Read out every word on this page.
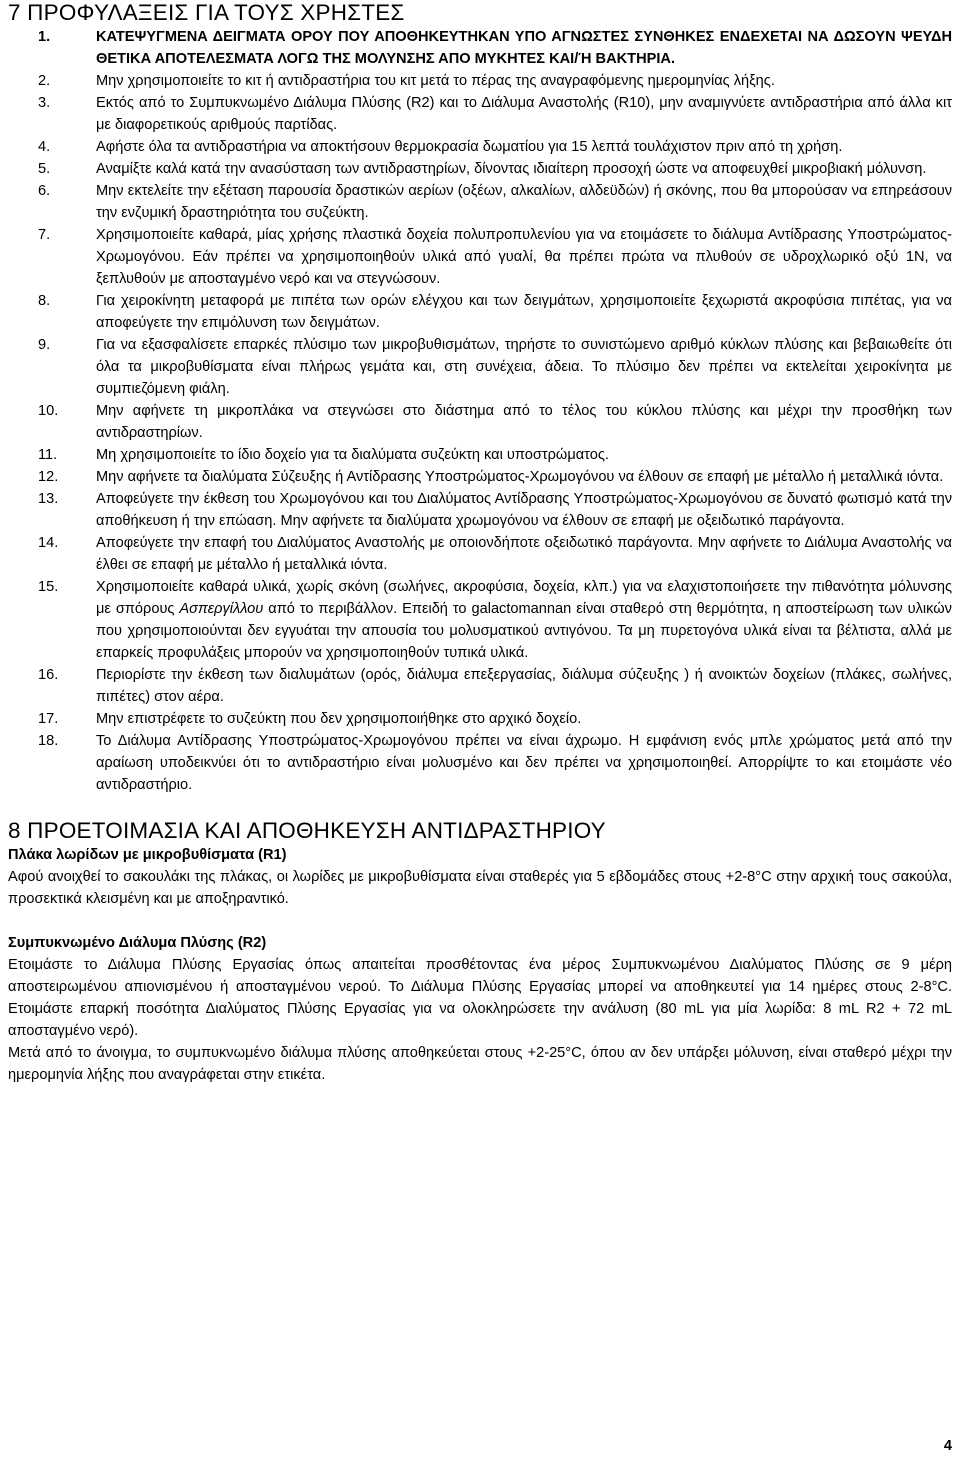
7 ΠΡΟΦΥΛΑΞΕΙΣ ΓΙΑ ΤΟΥΣ ΧΡΗΣΤΕΣ
1.	ΚΑΤΕΨΥΓΜΕΝΑ ΔΕΙΓΜΑΤΑ ΟΡΟΥ ΠΟΥ ΑΠΟΘΗΚΕΥΤΗΚΑΝ ΥΠΟ ΑΓΝΩΣΤΕΣ ΣΥΝΘΗΚΕΣ ΕΝΔΕΧΕΤΑΙ ΝΑ ΔΩΣΟΥΝ ΨΕΥΔΗ ΘΕΤΙΚΑ ΑΠΟΤΕΛΕΣΜΑΤΑ ΛΟΓΩ ΤΗΣ ΜΟΛΥΝΣΗΣ ΑΠΟ ΜΥΚΗΤΕΣ ΚΑΙ/Ή ΒΑΚΤΗΡΙΑ.
2.	Μην χρησιμοποιείτε το κιτ ή αντιδραστήρια του κιτ μετά το πέρας της αναγραφόμενης ημερομηνίας λήξης.
3.	Εκτός από το Συμπυκνωμένο Διάλυμα Πλύσης (R2) και το Διάλυμα Αναστολής (R10), μην αναμιγνύετε αντιδραστήρια από άλλα κιτ με διαφορετικούς αριθμούς παρτίδας.
4.	Αφήστε όλα τα αντιδραστήρια να αποκτήσουν θερμοκρασία δωματίου για 15 λεπτά τουλάχιστον πριν από τη χρήση.
5.	Αναμίξτε καλά κατά την ανασύσταση των αντιδραστηρίων, δίνοντας ιδιαίτερη προσοχή ώστε να αποφευχθεί μικροβιακή μόλυνση.
6.	Μην εκτελείτε την εξέταση παρουσία δραστικών αερίων (οξέων, αλκαλίων, αλδεϋδών) ή σκόνης, που θα μπορούσαν να επηρεάσουν την ενζυμική δραστηριότητα του συζεύκτη.
7.	Χρησιμοποιείτε καθαρά, μίας χρήσης πλαστικά δοχεία πολυπροπυλενίου για να ετοιμάσετε το διάλυμα Αντίδρασης Υποστρώματος-Χρωμογόνου. Εάν πρέπει να χρησιμοποιηθούν υλικά από γυαλί, θα πρέπει πρώτα να πλυθούν σε υδροχλωρικό οξύ 1N, να ξεπλυθούν με αποσταγμένο νερό και να στεγνώσουν.
8.	Για χειροκίνητη μεταφορά με πιπέτα των ορών ελέγχου και των δειγμάτων, χρησιμοποιείτε ξεχωριστά ακροφύσια πιπέτας, για να αποφεύγετε την επιμόλυνση των δειγμάτων.
9.	Για να εξασφαλίσετε επαρκές πλύσιμο των μικροβυθισμάτων, τηρήστε το συνιστώμενο αριθμό κύκλων πλύσης και βεβαιωθείτε ότι όλα τα μικροβυθίσματα είναι πλήρως γεμάτα και, στη συνέχεια, άδεια. Το πλύσιμο δεν πρέπει να εκτελείται χειροκίνητα με συμπιεζόμενη φιάλη.
10.	Μην αφήνετε τη μικροπλάκα να στεγνώσει στο διάστημα από το τέλος του κύκλου πλύσης και μέχρι την προσθήκη των αντιδραστηρίων.
11.	Μη χρησιμοποιείτε το ίδιο δοχείο για τα διαλύματα συζεύκτη και υποστρώματος.
12.	Μην αφήνετε τα διαλύματα Σύζευξης ή Αντίδρασης Υποστρώματος-Χρωμογόνου να έλθουν σε επαφή με μέταλλο ή μεταλλικά ιόντα.
13.	Αποφεύγετε την έκθεση του Χρωμογόνου και του Διαλύματος Αντίδρασης Υποστρώματος-Χρωμογόνου σε δυνατό φωτισμό κατά την αποθήκευση ή την επώαση. Μην αφήνετε τα διαλύματα χρωμογόνου να έλθουν σε επαφή με οξειδωτικό παράγοντα.
14.	Αποφεύγετε την επαφή του Διαλύματος Αναστολής με οποιονδήποτε οξειδωτικό παράγοντα. Μην αφήνετε το Διάλυμα Αναστολής να έλθει σε επαφή με μέταλλο ή μεταλλικά ιόντα.
15.	Χρησιμοποιείτε καθαρά υλικά, χωρίς σκόνη (σωλήνες, ακροφύσια, δοχεία, κλπ.) για να ελαχιστοποιήσετε την πιθανότητα μόλυνσης με σπόρους Ασπεργίλλου από το περιβάλλον. Επειδή το galactomannan είναι σταθερό στη θερμότητα, η αποστείρωση των υλικών που χρησιμοποιούνται δεν εγγυάται την απουσία του μολυσματικού αντιγόνου. Τα μη πυρετογόνα υλικά είναι τα βέλτιστα, αλλά με επαρκείς προφυλάξεις μπορούν να χρησιμοποιηθούν τυπικά υλικά.
16.	Περιορίστε την έκθεση των διαλυμάτων (ορός, διάλυμα επεξεργασίας, διάλυμα σύζευξης ) ή ανοικτών δοχείων (πλάκες, σωλήνες, πιπέτες) στον αέρα.
17.	Μην επιστρέφετε το συζεύκτη που δεν χρησιμοποιήθηκε στο αρχικό δοχείο.
18.	Το Διάλυμα Αντίδρασης Υποστρώματος-Χρωμογόνου πρέπει να είναι άχρωμο. Η εμφάνιση ενός μπλε χρώματος μετά από την αραίωση υποδεικνύει ότι το αντιδραστήριο είναι μολυσμένο και δεν πρέπει να χρησιμοποιηθεί. Απορρίψτε το και ετοιμάστε νέο αντιδραστήριο.
8 ΠΡΟΕΤΟΙΜΑΣΙΑ ΚΑΙ ΑΠΟΘΗΚΕΥΣΗ ΑΝΤΙΔΡΑΣΤΗΡΙΟΥ

Πλάκα λωρίδων με μικροβυθίσματα (R1)

Αφού ανοιχθεί το σακουλάκι της πλάκας, οι λωρίδες με μικροβυθίσματα είναι σταθερές για 5 εβδομάδες στους +2-8°C στην αρχική τους σακούλα, προσεκτικά κλεισμένη και με αποξηραντικό.

Συμπυκνωμένο Διάλυμα Πλύσης (R2)

Ετοιμάστε το Διάλυμα Πλύσης Εργασίας όπως απαιτείται προσθέτοντας ένα μέρος Συμπυκνωμένου Διαλύματος Πλύσης σε 9 μέρη αποστειρωμένου απιονισμένου ή αποσταγμένου νερού. Το Διάλυμα Πλύσης Εργασίας μπορεί να αποθηκευτεί για 14 ημέρες στους 2-8°C. Ετοιμάστε επαρκή ποσότητα Διαλύματος Πλύσης Εργασίας για να ολοκληρώσετε την ανάλυση (80 mL για μία λωρίδα: 8 mL R2 + 72 mL αποσταγμένο νερό).

Μετά από το άνοιγμα, το συμπυκνωμένο διάλυμα πλύσης αποθηκεύεται στους +2-25°C, όπου αν δεν υπάρξει μόλυνση, είναι σταθερό μέχρι την ημερομηνία λήξης που αναγράφεται στην ετικέτα.

4
